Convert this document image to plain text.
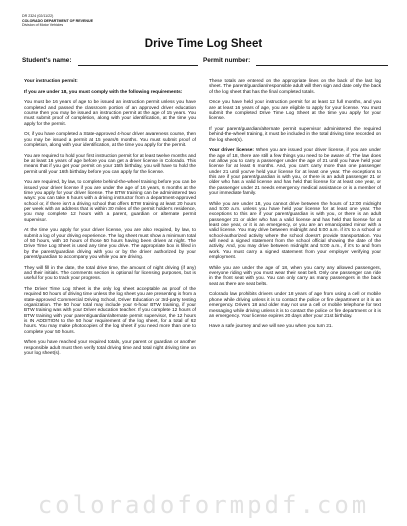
DR 2324 (02/11/22)
COLORADO DEPARTMENT OF REVENUE
Division of Motor Vehicles
Drive Time Log Sheet
Student's name:	Permit number:

Your instruction permit:

If you are under 18, you must comply with the following requirements:

You must be 16 years of age to be issued an instruction permit unless you have completed and passed the classroom portion of an approved driver education course then you may be issued an instruction permit at the age of 15 years. You must submit proof of completion, along with your identification, at the time you apply for the permit.

Or, if you have completed a State-approved 4-hour driver awareness course, then you may be issued a permit at 15 years/6 months. You must submit proof of completion, along with your identification, at the time you apply for the permit.

You are required to hold your first instruction permit for at least twelve months and be at least 16 years of age before you can get a driver license in Colorado. This means that if you get your permit on your 15th birthday, you will have to hold the permit until your 16th birthday before you can apply for the license.

You are required, by law, to complete behind-the-wheel training before you can be issued your driver license if you are under the age of 16 years, 6 months at the time you apply for your driver license. The BTW training can be administered two ways: you can take 6 hours with a driving instructor from a department-approved school or, if there isn't a driving school that offers BTW training at least 20 hours per week with an address that is within 30 miles of the permit holder's residence, you may complete 12 hours with a parent, guardian or alternate permit supervisor.

At the time you apply for your driver license, you are also required, by law, to submit a log of your driving experience. The log sheet must show a minimum total of 50 hours, with 10 hours of those 50 hours having been driven at night. The Drive Time Log Sheet is used any time you drive. The appropriate box is filled in by the parent/guardian driving with you or by the driver authorized by your parent/guardian to accompany you while you are driving.

They will fill in the date, the total drive time, the amount of night driving (if any) and their initials. The comments section is optional for licensing purposes, but is useful for you to track your progress.

The Driver Time Log Sheet is the only log sheet acceptable as proof of the required 50 hours of driving time unless the log sheet you are presenting is from a state-approved Commercial Driving School, Driver Education or 3rd-party testing organization. The 50 hour total may include your 6-hour BTW training, if your BTW training was with your Driver education teacher. If you complete 12 hours of BTW training with your parent/guardian/alternate permit supervisor, the 12 hours is IN ADDITION to the 50 hour requirement of the log sheet, for a total of 62 hours. You may make photocopies of the log sheet if you need more than one to complete your 50 hours.

When you have reached your required totals, your parent or guardian or another responsible adult must then verify total driving time and total night driving time on your log sheet(s).

These totals are entered on the appropriate lines on the back of the last log sheet. The parent/guardian/responsible adult will then sign and date only the back of the log sheet that has the final completed totals.

Once you have held your instruction permit for at least 12 full months, and you are at least 16 years of age, you are eligible to apply for your license. You must submit the completed Drive Time Log Sheet at the time you apply for your license.

If your parent/guardian/alternate permit supervisor administered the required behind-the-wheel training, it must be included in the total driving time recorded on the log sheet(s).

Your driver license: When you are issued your driver license, if you are under the age of 18, there are still a few things you need to be aware of. The law does not allow you to carry a passenger under the age of 21 until you have held your license for at least 6 months. And, you can't carry more than one passenger under 21 until you've held your license for at least one year. The exceptions to this are if your parent/guardian is with you, or there is an adult passenger 21 or older who has a valid license and has held that license for at least one year, or the passenger under 21 needs emergency medical assistance or is a member of your immediate family.

While you are under 18, you cannot drive between the hours of 12:00 midnight and 5:00 a.m. unless you have held your license for at least one year. The exceptions to this are if your parent/guardian is with you, or there is an adult passenger 21 or older who has a valid license and has held that license for at least one year, or it is an emergency, or you are an emancipated minor with a valid license. You may drive between midnight and 5:00 a.m. if it's to a school or school-authorized activity where the school doesn't provide transportation. You will need a signed statement from the school official showing the date of the activity. And, you may drive between midnight and 5:00 a.m., if it's to and from work. You must carry a signed statement from your employer verifying your employment.

While you are under the age of 18, when you carry any allowed passengers, everyone riding with you must wear their seat belt. Only one passenger can ride in the front seat with you. You can only carry as many passengers in the back seat as there are seat belts.

Colorado law prohibits drivers under 18 years of age from using a cell or mobile phone while driving unless it is to contact the police or fire department or it is an emergency. Drivers 18 and older may not use a cell or mobile telephone for text messaging while driving unless it is to contact the police or fire department or it is an emergency. Your license expires 20 days after your 21st birthday.

Have a safe journey and we will see you when you turn 21.

coloradoformpdf.com
